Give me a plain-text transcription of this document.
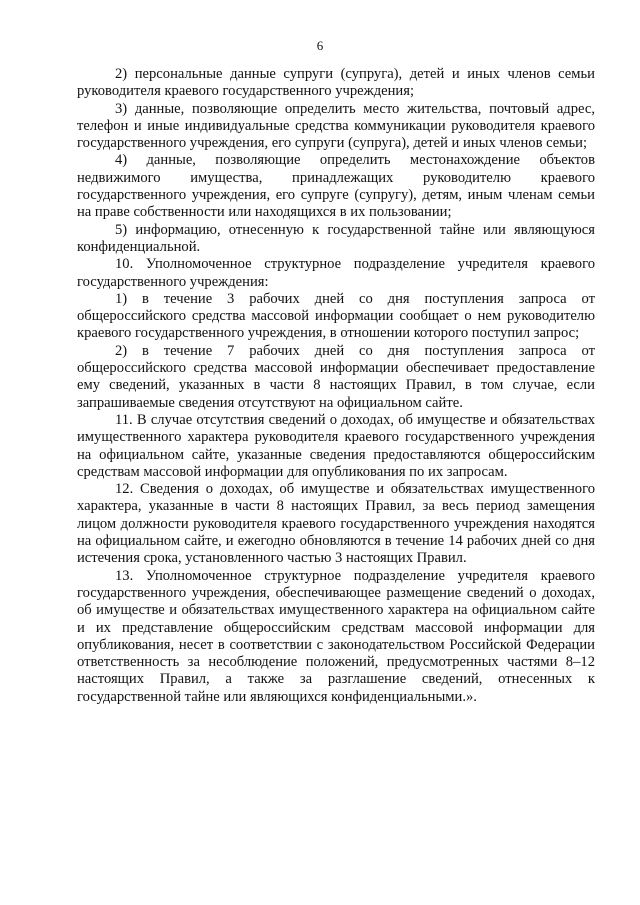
6

2) персональные данные супруги (супруга), детей и иных членов семьи руководителя краевого государственного учреждения;

3) данные, позволяющие определить место жительства, почтовый адрес, телефон и иные индивидуальные средства коммуникации руководителя краевого государственного учреждения, его супруги (супруга), детей и иных членов семьи;

4) данные, позволяющие определить местонахождение объектов недвижимого имущества, принадлежащих руководителю краевого государственного учреждения, его супруге (супругу), детям, иным членам семьи на праве собственности или находящихся в их пользовании;

5) информацию, отнесенную к государственной тайне или являющуюся конфиденциальной.

10. Уполномоченное структурное подразделение учредителя краевого государственного учреждения:

1) в течение 3 рабочих дней со дня поступления запроса от общероссийского средства массовой информации сообщает о нем руководителю краевого государственного учреждения, в отношении которого поступил запрос;

2) в течение 7 рабочих дней со дня поступления запроса от общероссийского средства массовой информации обеспечивает предоставление ему сведений, указанных в части 8 настоящих Правил, в том случае, если запрашиваемые сведения отсутствуют на официальном сайте.

11. В случае отсутствия сведений о доходах, об имуществе и обязательствах имущественного характера руководителя краевого государственного учреждения на официальном сайте, указанные сведения предоставляются общероссийским средствам массовой информации для опубликования по их запросам.

12. Сведения о доходах, об имуществе и обязательствах имущественного характера, указанные в части 8 настоящих Правил, за весь период замещения лицом должности руководителя краевого государственного учреждения находятся на официальном сайте, и ежегодно обновляются в течение 14 рабочих дней со дня истечения срока, установленного частью 3 настоящих Правил.

13. Уполномоченное структурное подразделение учредителя краевого государственного учреждения, обеспечивающее размещение сведений о доходах, об имуществе и обязательствах имущественного характера на официальном сайте и их представление общероссийским средствам массовой информации для опубликования, несет в соответствии с законодательством Российской Федерации ответственность за несоблюдение положений, предусмотренных частями 8–12 настоящих Правил, а также за разглашение сведений, отнесенных к государственной тайне или являющихся конфиденциальными.».
